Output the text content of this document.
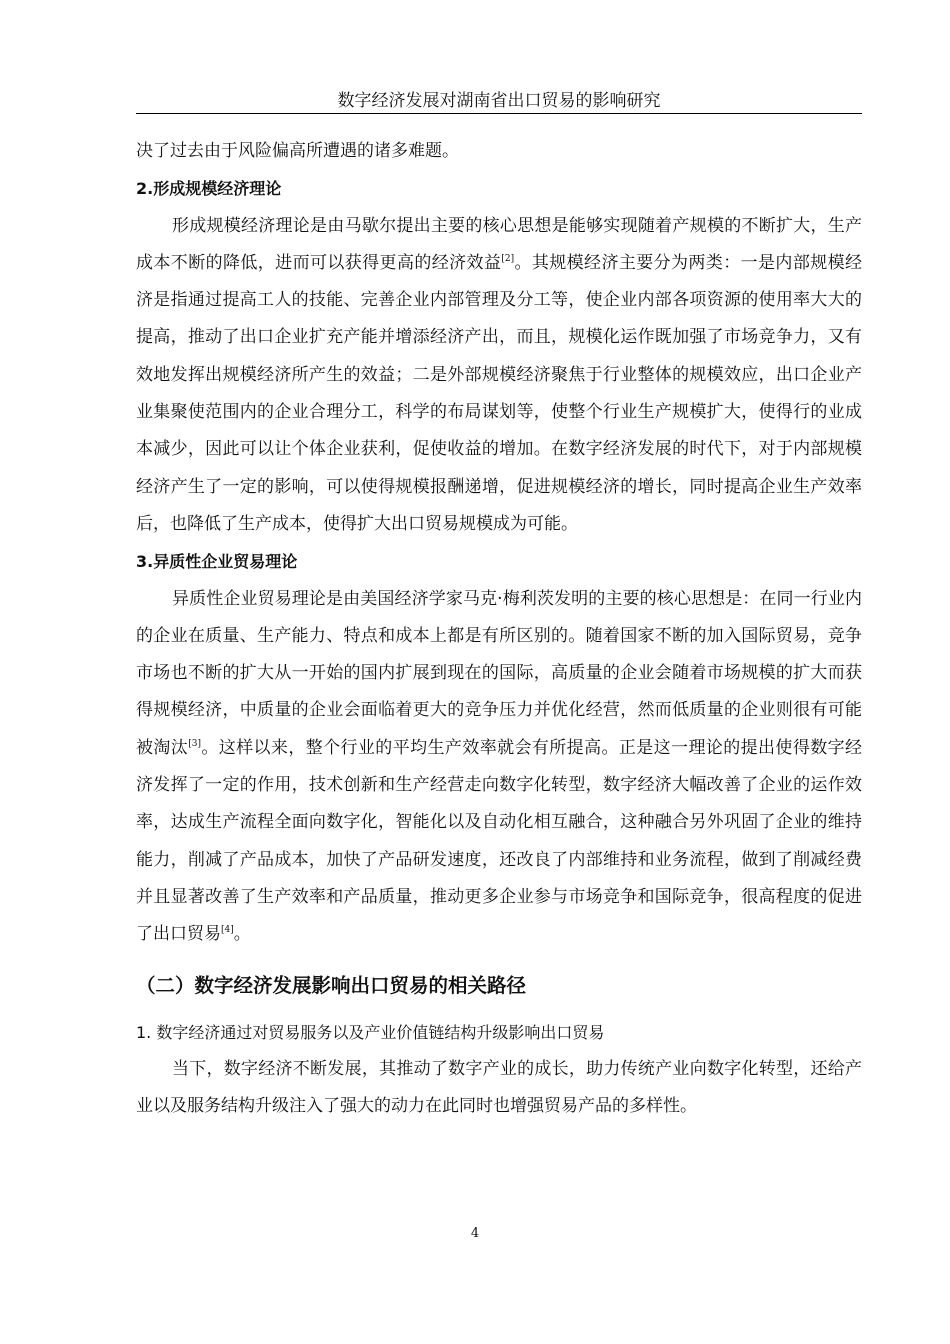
数字经济发展对湖南省出口贸易的影响研究

决了过去由于风险偏高所遭遇的诸多难题。

2.形成规模经济理论

形成规模经济理论是由马歇尔提出主要的核心思想是能够实现随着产规模的不断扩大，生产成本不断的降低，进而可以获得更高的经济效益[2]。其规模经济主要分为两类：一是内部规模经济是指通过提高工人的技能、完善企业内部管理及分工等，使企业内部各项资源的使用率大大的提高，推动了出口企业扩充产能并增添经济产出，而且，规模化运作既加强了市场竞争力，又有效地发挥出规模经济所产生的效益；二是外部规模经济聚焦于行业整体的规模效应，出口企业产业集聚使范围内的企业合理分工，科学的布局谋划等，使整个行业生产规模扩大，使得行的业成本减少，因此可以让个体企业获利，促使收益的增加。在数字经济发展的时代下，对于内部规模经济产生了一定的影响，可以使得规模报酬递增，促进规模经济的增长，同时提高企业生产效率后，也降低了生产成本，使得扩大出口贸易规模成为可能。

3.异质性企业贸易理论

异质性企业贸易理论是由美国经济学家马克·梅利茨发明的主要的核心思想是：在同一行业内的企业在质量、生产能力、特点和成本上都是有所区别的。随着国家不断的加入国际贸易，竞争市场也不断的扩大从一开始的国内扩展到现在的国际，高质量的企业会随着市场规模的扩大而获得规模经济，中质量的企业会面临着更大的竞争压力并优化经营，然而低质量的企业则很有可能被淘汰[3]。这样以来，整个行业的平均生产效率就会有所提高。正是这一理论的提出使得数字经济发挥了一定的作用，技术创新和生产经营走向数字化转型，数字经济大幅改善了企业的运作效率，达成生产流程全面向数字化，智能化以及自动化相互融合，这种融合另外巩固了企业的维持能力，削减了产品成本，加快了产品研发速度，还改良了内部维持和业务流程，做到了削减经费并且显著改善了生产效率和产品质量，推动更多企业参与市场竞争和国际竞争，很高程度的促进了出口贸易[4]。

（二）数字经济发展影响出口贸易的相关路径
1. 数字经济通过对贸易服务以及产业价值链结构升级影响出口贸易

当下，数字经济不断发展，其推动了数字产业的成长，助力传统产业向数字化转型，还给产业以及服务结构升级注入了强大的动力在此同时也增强贸易产品的多样性。

4
